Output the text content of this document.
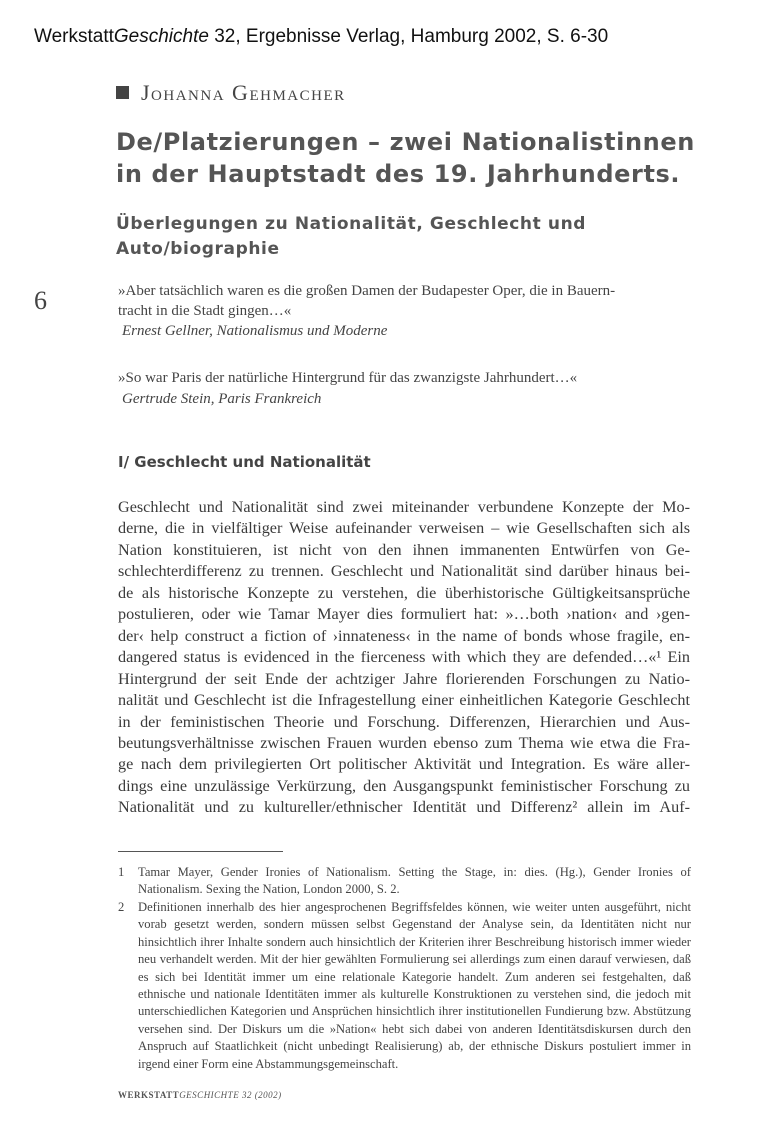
WerkstattGeschichte 32, Ergebnisse Verlag, Hamburg 2002, S. 6-30
Johanna Gehmacher
De/Platzierungen – zwei Nationalistinnen
in der Hauptstadt des 19. Jahrhunderts.
Überlegungen zu Nationalität, Geschlecht und
Auto/biographie
6	»Aber tatsächlich waren es die großen Damen der Budapester Oper, die in Bauern-
tracht in die Stadt gingen…«
Ernest Gellner, Nationalismus und Moderne
»So war Paris der natürliche Hintergrund für das zwanzigste Jahrhundert…«
Gertrude Stein, Paris Frankreich
I/ Geschlecht und Nationalität
Geschlecht und Nationalität sind zwei miteinander verbundene Konzepte der Mo-
derne, die in vielfältiger Weise aufeinander verweisen – wie Gesellschaften sich als
Nation konstituieren, ist nicht von den ihnen immanenten Entwürfen von Ge-
schlechterdifferenz zu trennen. Geschlecht und Nationalität sind darüber hinaus bei-
de als historische Konzepte zu verstehen, die überhistorische Gültigkeitsansprüche
postulieren, oder wie Tamar Mayer dies formuliert hat: »…both ›nation‹ and ›gen-
der‹ help construct a fiction of ›innateness‹ in the name of bonds whose fragile, en-
dangered status is evidenced in the fierceness with which they are defended…«¹ Ein
Hintergrund der seit Ende der achtziger Jahre florierenden Forschungen zu Natio-
nalität und Geschlecht ist die Infragestellung einer einheitlichen Kategorie Geschlecht
in der feministischen Theorie und Forschung. Differenzen, Hierarchien und Aus-
beutungsverhältnisse zwischen Frauen wurden ebenso zum Thema wie etwa die Fra-
ge nach dem privilegierten Ort politischer Aktivität und Integration. Es wäre aller-
dings eine unzulässige Verkürzung, den Ausgangspunkt feministischer Forschung zu
Nationalität und zu kultureller/ethnischer Identität und Differenz² allein im Auf-
1 Tamar Mayer, Gender Ironies of Nationalism. Setting the Stage, in: dies. (Hg.), Gender Ironies of Nationalism. Sexing the Nation, London 2000, S. 2.
2 Definitionen innerhalb des hier angesprochenen Begriffsfeldes können, wie weiter unten ausgeführt, nicht vorab gesetzt werden, sondern müssen selbst Gegenstand der Analyse sein, da Identitäten nicht nur hinsichtlich ihrer Inhalte sondern auch hinsichtlich der Kriterien ihrer Beschreibung historisch immer wieder neu verhandelt werden. Mit der hier gewählten Formulierung sei allerdings zum einen darauf verwiesen, daß es sich bei Identität immer um eine relationale Kategorie handelt. Zum anderen sei festgehalten, daß ethnische und nationale Identitäten immer als kulturelle Konstruktionen zu verstehen sind, die jedoch mit unterschiedlichen Kategorien und Ansprüchen hinsichtlich ihrer institutionellen Fundierung bzw. Abstützung versehen sind. Der Diskurs um die »Nation« hebt sich dabei von anderen Identitätsdiskursen durch den Anspruch auf Staatlichkeit (nicht unbedingt Realisierung) ab, der ethnische Diskurs postuliert immer in irgend einer Form eine Abstammungsgemeinschaft.
WERKSTATTGESCHICHTE 32 (2002)
